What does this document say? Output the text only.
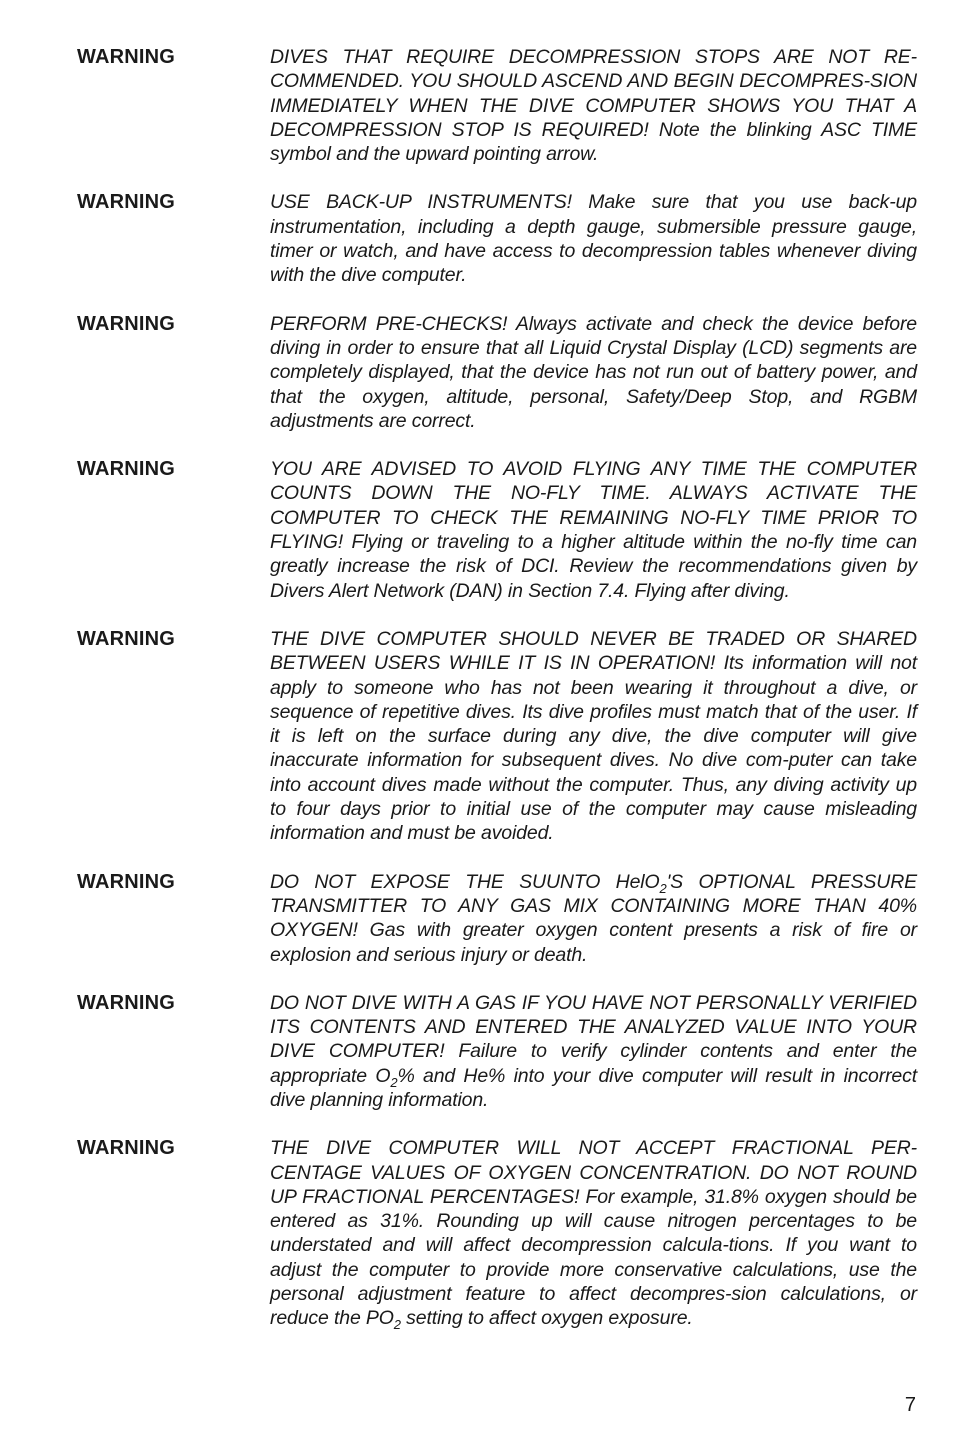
WARNING	DIVES THAT REQUIRE DECOMPRESSION STOPS ARE NOT RE-COMMENDED. YOU SHOULD ASCEND AND BEGIN DECOMPRES-SION IMMEDIATELY WHEN THE DIVE COMPUTER SHOWS YOU THAT A DECOMPRESSION STOP IS REQUIRED! Note the blinking ASC TIME symbol and the upward pointing arrow.
WARNING	USE BACK-UP INSTRUMENTS! Make sure that you use back-up instrumentation, including a depth gauge, submersible pressure gauge, timer or watch, and have access to decompression tables whenever diving with the dive computer.
WARNING	PERFORM PRE-CHECKS! Always activate and check the device before diving in order to ensure that all Liquid Crystal Display (LCD) segments are completely displayed, that the device has not run out of battery power, and that the oxygen, altitude, personal, Safety/Deep Stop, and RGBM adjustments are correct.
WARNING	YOU ARE ADVISED TO AVOID FLYING ANY TIME THE COMPUTER COUNTS DOWN THE NO-FLY TIME. ALWAYS ACTIVATE THE COMPUTER TO CHECK THE REMAINING NO-FLY TIME PRIOR TO FLYING! Flying or traveling to a higher altitude within the no-fly time can greatly increase the risk of DCI. Review the recommendations given by Divers Alert Network (DAN) in Section 7.4. Flying after diving.
WARNING	THE DIVE COMPUTER SHOULD NEVER BE TRADED OR SHARED BETWEEN USERS WHILE IT IS IN OPERATION! Its information will not apply to someone who has not been wearing it throughout a dive, or sequence of repetitive dives. Its dive profiles must match that of the user. If it is left on the surface during any dive, the dive computer will give inaccurate information for subsequent dives. No dive com-puter can take into account dives made without the computer. Thus, any diving activity up to four days prior to initial use of the computer may cause misleading information and must be avoided.
WARNING	DO NOT EXPOSE THE SUUNTO HelO$_2$'S OPTIONAL PRESSURE TRANSMITTER TO ANY GAS MIX CONTAINING MORE THAN 40% OXYGEN! Gas with greater oxygen content presents a risk of fire or explosion and serious injury or death.
WARNING	DO NOT DIVE WITH A GAS IF YOU HAVE NOT PERSONALLY VERIFIED ITS CONTENTS AND ENTERED THE ANALYZED VALUE INTO YOUR DIVE COMPUTER! Failure to verify cylinder contents and enter the appropriate $O_2\%$ and He% into your dive computer will result in incorrect dive planning information.
WARNING	THE DIVE COMPUTER WILL NOT ACCEPT FRACTIONAL PER-CENTAGE VALUES OF OXYGEN CONCENTRATION. DO NOT ROUND UP FRACTIONAL PERCENTAGES! For example, 31.8% oxygen should be entered as 31%. Rounding up will cause nitrogen percentages to be understated and will affect decompression calcula-tions. If you want to adjust the computer to provide more conservative calculations, use the personal adjustment feature to affect decompres-sion calculations, or reduce the $PO_2$ setting to affect oxygen exposure.
7
